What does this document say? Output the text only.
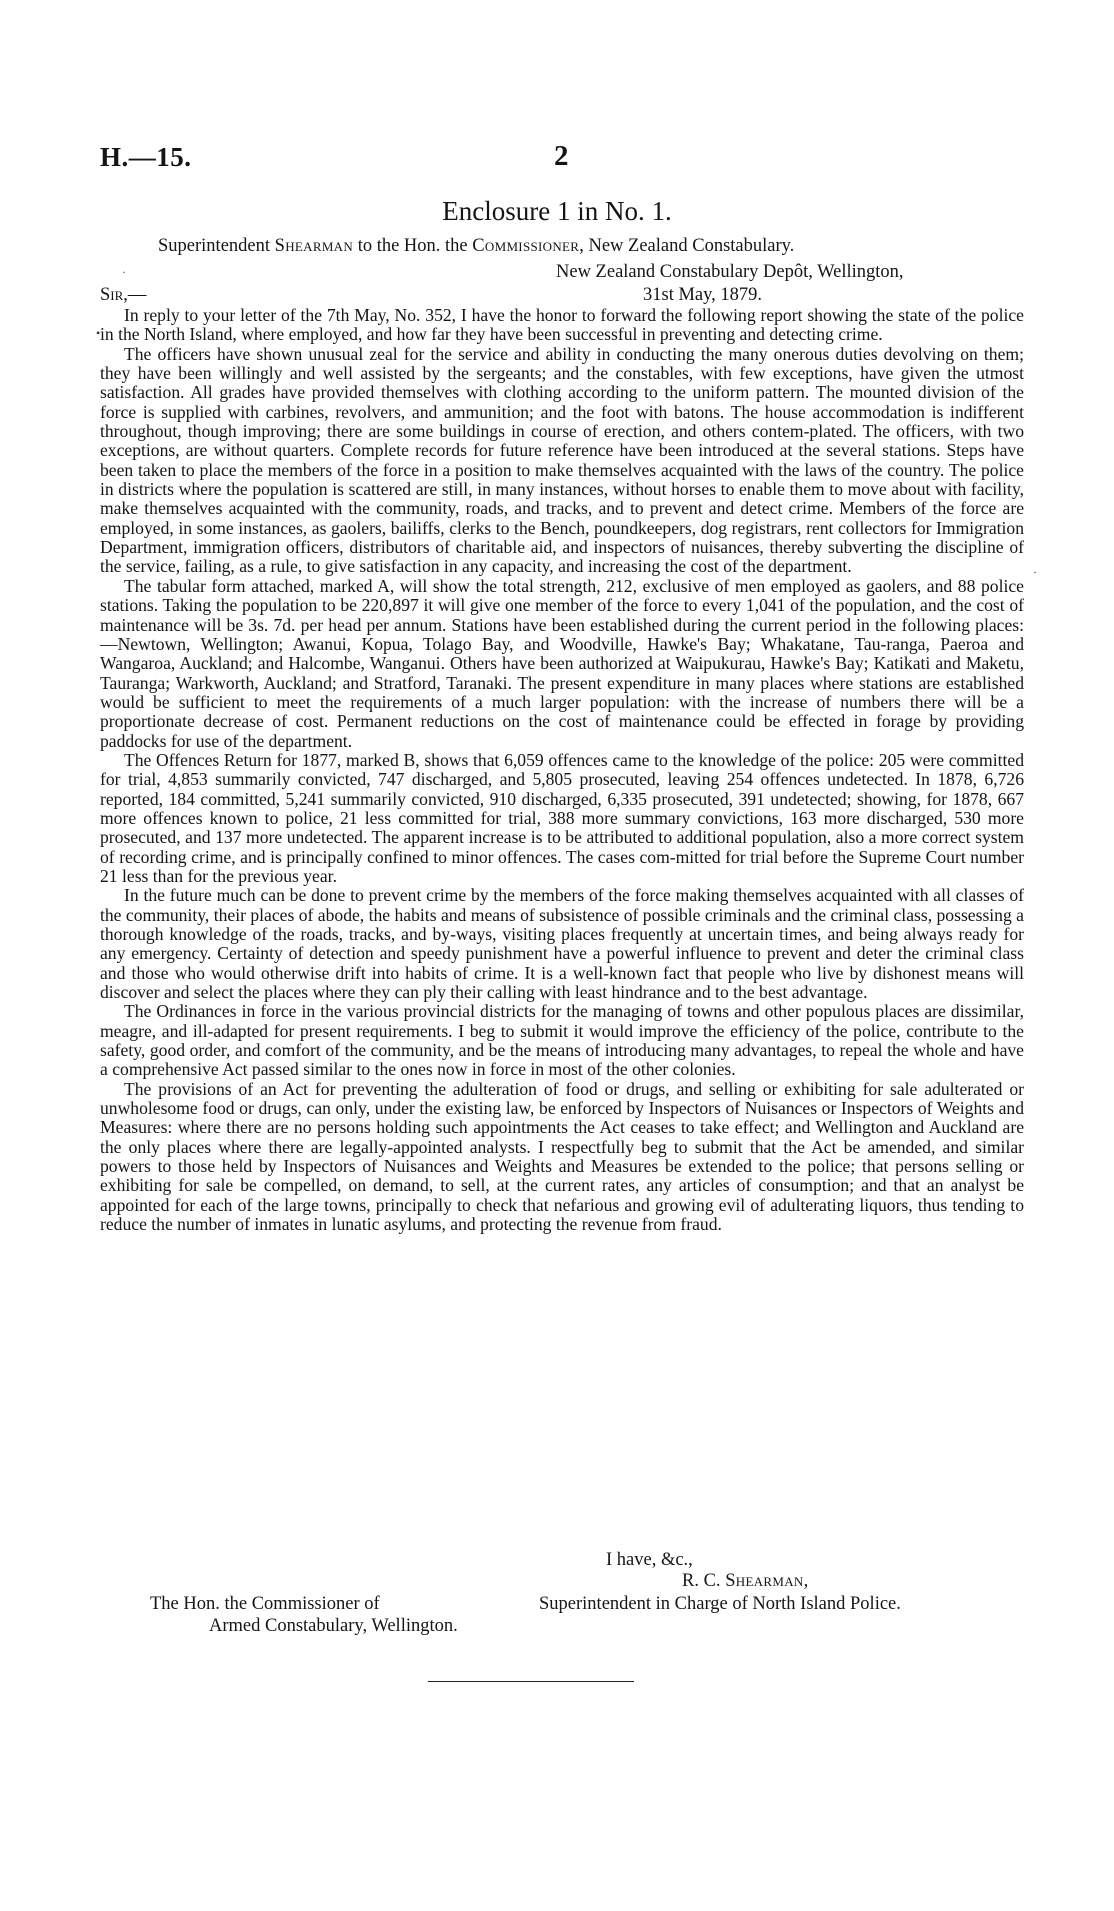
H.—15.	2
Enclosure 1 in No. 1.
Superintendent Shearman to the Hon. the Commissioner, New Zealand Constabulary.
New Zealand Constabulary Depôt, Wellington,
Sir,—	31st May, 1879.
·
•
·

In reply to your letter of the 7th May, No. 352, I have the honor to forward the following report showing the state of the police in the North Island, where employed, and how far they have been successful in preventing and detecting crime.

The officers have shown unusual zeal for the service and ability in conducting the many onerous duties devolving on them; they have been willingly and well assisted by the sergeants; and the constables, with few exceptions, have given the utmost satisfaction. All grades have provided themselves with clothing according to the uniform pattern. The mounted division of the force is supplied with carbines, revolvers, and ammunition; and the foot with batons. The house accommodation is indifferent throughout, though improving; there are some buildings in course of erection, and others contem-plated. The officers, with two exceptions, are without quarters. Complete records for future reference have been introduced at the several stations. Steps have been taken to place the members of the force in a position to make themselves acquainted with the laws of the country. The police in districts where the population is scattered are still, in many instances, without horses to enable them to move about with facility, make themselves acquainted with the community, roads, and tracks, and to prevent and detect crime. Members of the force are employed, in some instances, as gaolers, bailiffs, clerks to the Bench, poundkeepers, dog registrars, rent collectors for Immigration Department, immigration officers, distributors of charitable aid, and inspectors of nuisances, thereby subverting the discipline of the service, failing, as a rule, to give satisfaction in any capacity, and increasing the cost of the department.

The tabular form attached, marked A, will show the total strength, 212, exclusive of men employed as gaolers, and 88 police stations. Taking the population to be 220,897 it will give one member of the force to every 1,041 of the population, and the cost of maintenance will be 3s. 7d. per head per annum. Stations have been established during the current period in the following places:—Newtown, Wellington; Awanui, Kopua, Tolago Bay, and Woodville, Hawke's Bay; Whakatane, Tau-ranga, Paeroa and Wangaroa, Auckland; and Halcombe, Wanganui. Others have been authorized at Waipukurau, Hawke's Bay; Katikati and Maketu, Tauranga; Warkworth, Auckland; and Stratford, Taranaki. The present expenditure in many places where stations are established would be sufficient to meet the requirements of a much larger population: with the increase of numbers there will be a proportionate decrease of cost. Permanent reductions on the cost of maintenance could be effected in forage by providing paddocks for use of the department.

The Offences Return for 1877, marked B, shows that 6,059 offences came to the knowledge of the police: 205 were committed for trial, 4,853 summarily convicted, 747 discharged, and 5,805 prosecuted, leaving 254 offences undetected. In 1878, 6,726 reported, 184 committed, 5,241 summarily convicted, 910 discharged, 6,335 prosecuted, 391 undetected; showing, for 1878, 667 more offences known to police, 21 less committed for trial, 388 more summary convictions, 163 more discharged, 530 more prosecuted, and 137 more undetected. The apparent increase is to be attributed to additional population, also a more correct system of recording crime, and is principally confined to minor offences. The cases com-mitted for trial before the Supreme Court number 21 less than for the previous year.

In the future much can be done to prevent crime by the members of the force making themselves acquainted with all classes of the community, their places of abode, the habits and means of subsistence of possible criminals and the criminal class, possessing a thorough knowledge of the roads, tracks, and by-ways, visiting places frequently at uncertain times, and being always ready for any emergency. Certainty of detection and speedy punishment have a powerful influence to prevent and deter the criminal class and those who would otherwise drift into habits of crime. It is a well-known fact that people who live by dishonest means will discover and select the places where they can ply their calling with least hindrance and to the best advantage.

The Ordinances in force in the various provincial districts for the managing of towns and other populous places are dissimilar, meagre, and ill-adapted for present requirements. I beg to submit it would improve the efficiency of the police, contribute to the safety, good order, and comfort of the community, and be the means of introducing many advantages, to repeal the whole and have a comprehensive Act passed similar to the ones now in force in most of the other colonies.

The provisions of an Act for preventing the adulteration of food or drugs, and selling or exhibiting for sale adulterated or unwholesome food or drugs, can only, under the existing law, be enforced by Inspectors of Nuisances or Inspectors of Weights and Measures: where there are no persons holding such appointments the Act ceases to take effect; and Wellington and Auckland are the only places where there are legally-appointed analysts. I respectfully beg to submit that the Act be amended, and similar powers to those held by Inspectors of Nuisances and Weights and Measures be extended to the police; that persons selling or exhibiting for sale be compelled, on demand, to sell, at the current rates, any articles of consumption; and that an analyst be appointed for each of the large towns, principally to check that nefarious and growing evil of adulterating liquors, thus tending to reduce the number of inmates in lunatic asylums, and protecting the revenue from fraud.

I have, &c.,
R. C. Shearman,
The Hon. the Commissioner of	Superintendent in Charge of North Island Police.
Armed Constabulary, Wellington.
